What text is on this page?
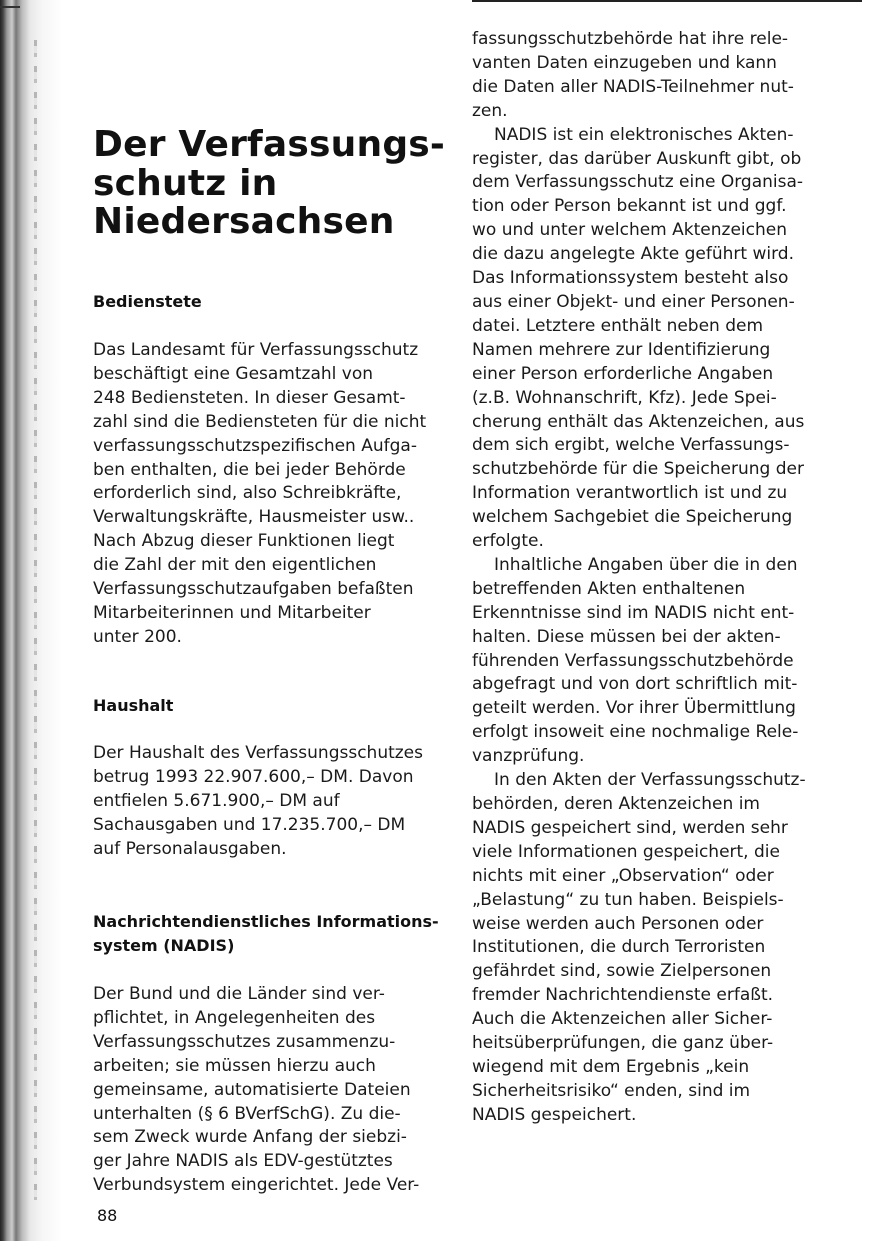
Der Verfassungs-
schutz in
Niedersachsen
Bedienstete
Das Landesamt für Verfassungsschutz
beschäftigt eine Gesamtzahl von
248 Bediensteten. In dieser Gesamt-
zahl sind die Bediensteten für die nicht
verfassungsschutzspezifischen Aufga-
ben enthalten, die bei jeder Behörde
erforderlich sind, also Schreibkräfte,
Verwaltungskräfte, Hausmeister usw..
Nach Abzug dieser Funktionen liegt
die Zahl der mit den eigentlichen
Verfassungsschutzaufgaben befaßten
Mitarbeiterinnen und Mitarbeiter
unter 200.
Haushalt
Der Haushalt des Verfassungsschutzes
betrug 1993 22.907.600,– DM. Davon
entfielen 5.671.900,– DM auf
Sachausgaben und 17.235.700,– DM
auf Personalausgaben.
Nachrichtendienstliches Informations-
system (NADIS)
Der Bund und die Länder sind ver-
pflichtet, in Angelegenheiten des
Verfassungsschutzes zusammenzu-
arbeiten; sie müssen hierzu auch
gemeinsame, automatisierte Dateien
unterhalten (§ 6 BVerfSchG). Zu die-
sem Zweck wurde Anfang der siebzi-
ger Jahre NADIS als EDV-gestütztes
Verbundsystem eingerichtet. Jede Ver-
fassungsschutzbehörde hat ihre rele-
vanten Daten einzugeben und kann
die Daten aller NADIS-Teilnehmer nut-
zen.
NADIS ist ein elektronisches Akten-
register, das darüber Auskunft gibt, ob
dem Verfassungsschutz eine Organisa-
tion oder Person bekannt ist und ggf.
wo und unter welchem Aktenzeichen
die dazu angelegte Akte geführt wird.
Das Informationssystem besteht also
aus einer Objekt- und einer Personen-
datei. Letztere enthält neben dem
Namen mehrere zur Identifizierung
einer Person erforderliche Angaben
(z.B. Wohnanschrift, Kfz). Jede Spei-
cherung enthält das Aktenzeichen, aus
dem sich ergibt, welche Verfassungs-
schutzbehörde für die Speicherung der
Information verantwortlich ist und zu
welchem Sachgebiet die Speicherung
erfolgte.
Inhaltliche Angaben über die in den
betreffenden Akten enthaltenen
Erkenntnisse sind im NADIS nicht ent-
halten. Diese müssen bei der akten-
führenden Verfassungsschutzbehörde
abgefragt und von dort schriftlich mit-
geteilt werden. Vor ihrer Übermittlung
erfolgt insoweit eine nochmalige Rele-
vanzprüfung.
In den Akten der Verfassungsschutz-
behörden, deren Aktenzeichen im
NADIS gespeichert sind, werden sehr
viele Informationen gespeichert, die
nichts mit einer „Observation“ oder
„Belastung“ zu tun haben. Beispiels-
weise werden auch Personen oder
Institutionen, die durch Terroristen
gefährdet sind, sowie Zielpersonen
fremder Nachrichtendienste erfaßt.
Auch die Aktenzeichen aller Sicher-
heitsüberprüfungen, die ganz über-
wiegend mit dem Ergebnis „kein
Sicherheitsrisiko“ enden, sind im
NADIS gespeichert.

88
